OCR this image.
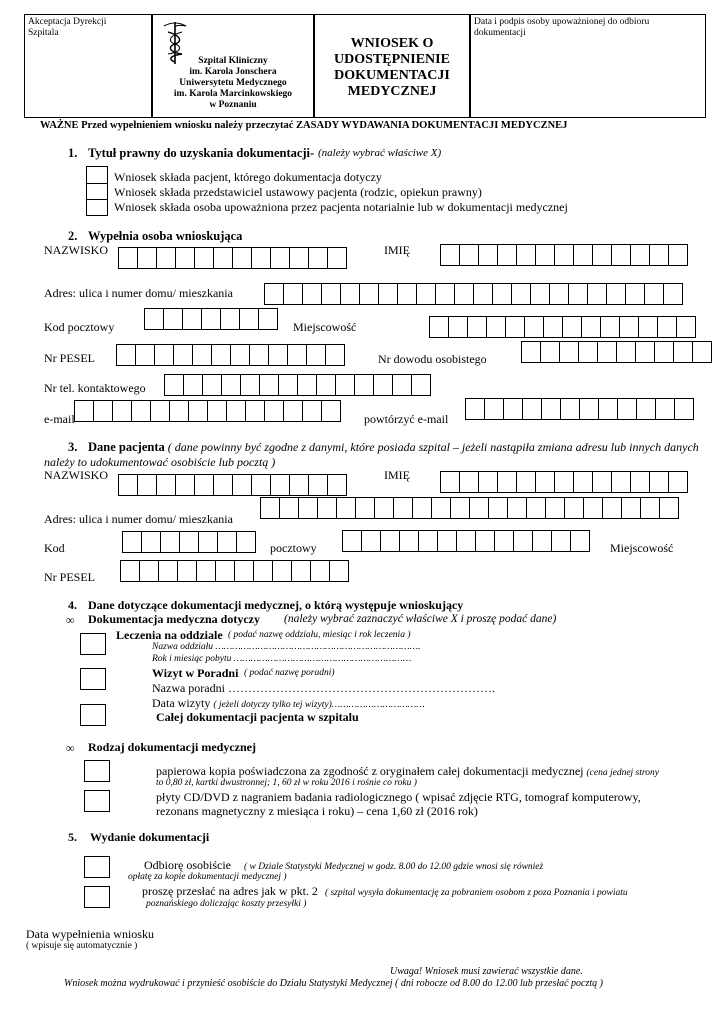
Akceptacja Dyrekcji Szpitala
Szpital Kliniczny
im. Karola Jonschera
Uniwersytetu Medycznego
im. Karola Marcinkowskiego
w Poznaniu
WNIOSEK O
UDOSTĘPNIENIE
DOKUMENTACJI
MEDYCZNEJ
Data i podpis osoby upoważnionej do odbioru dokumentacji
WAŻNE Przed wypełnieniem wniosku należy przeczytać ZASADY WYDAWANIA DOKUMENTACJI MEDYCZNEJ
1. Tytuł prawny do uzyskania dokumentacji- (należy wybrać właściwe X)
Wniosek składa pacjent, którego dokumentacja dotyczy
Wniosek składa przedstawiciel ustawowy pacjenta (rodzic, opiekun prawny)
Wniosek składa osoba upoważniona przez pacjenta notarialnie lub w dokumentacji medycznej
2. Wypełnia osoba wnioskująca
NAZWISKO	IMIĘ
Adres: ulica i numer domu/ mieszkania
Kod pocztowy	Miejscowość
Nr PESEL	Nr dowodu osobistego
Nr tel. kontaktowego
e-mail	powtórzyć e-mail
3. Dane pacjenta ( dane powinny być zgodne z danymi, które posiada szpital – jeżeli nastąpiła zmiana adresu lub innych danych
należy to udokumentować osobiście lub pocztą )
NAZWISKO	IMIĘ
Adres: ulica i numer domu/ mieszkania
Kod	pocztowy	Miejscowość
Nr PESEL
4. Dane dotyczące dokumentacji medycznej, o którą występuje wnioskujący
∞ Dokumentacja medyczna dotyczy (należy wybrać zaznaczyć właściwe X i proszę podać dane)
Leczenia na oddziale ( podać nazwę oddziału, miesiąc i rok leczenia )
Nazwa oddziału ……………………………………………………………….
Rok i miesiąc pobytu ………………………………………………………
Wizyt w Poradni ( podać nazwę poradni)
Nazwa poradni ………………………………………………………….
Data wizyty ( jeżeli dotyczy tylko tej wizyty)……………………………
Całej dokumentacji pacjenta w szpitalu
∞ Rodzaj dokumentacji medycznej
papierowa kopia poświadczona za zgodność z oryginałem całej dokumentacji medycznej (cena jednej strony
to 0,80 zł, kartki dwustronnej; 1, 60 zł w roku 2016 i rośnie co roku )
płyty CD/DVD z nagraniem badania radiologicznego ( wpisać zdjęcie RTG, tomograf komputerowy,
rezonans magnetyczny z miesiąca i roku) – cena 1,60 zł (2016 rok)
5. Wydanie dokumentacji
Odbiorę osobiście ( w Dziale Statystyki Medycznej w godz. 8.00 do 12.00 gdzie wnosi się również
opłatę za kopie dokumentacji medycznej )
proszę przesłać na adres jak w pkt. 2 ( szpital wysyła dokumentację za pobraniem osobom z poza Poznania i powiatu
poznańskiego doliczając koszty przesyłki )
Data wypełnienia wniosku
( wpisuje się automatycznie )
Uwaga! Wniosek musi zawierać wszystkie dane.
Wniosek można wydrukować i przynieść osobiście do Działu Statystyki Medycznej ( dni robocze od 8.00 do 12.00 lub przesłać pocztą )
